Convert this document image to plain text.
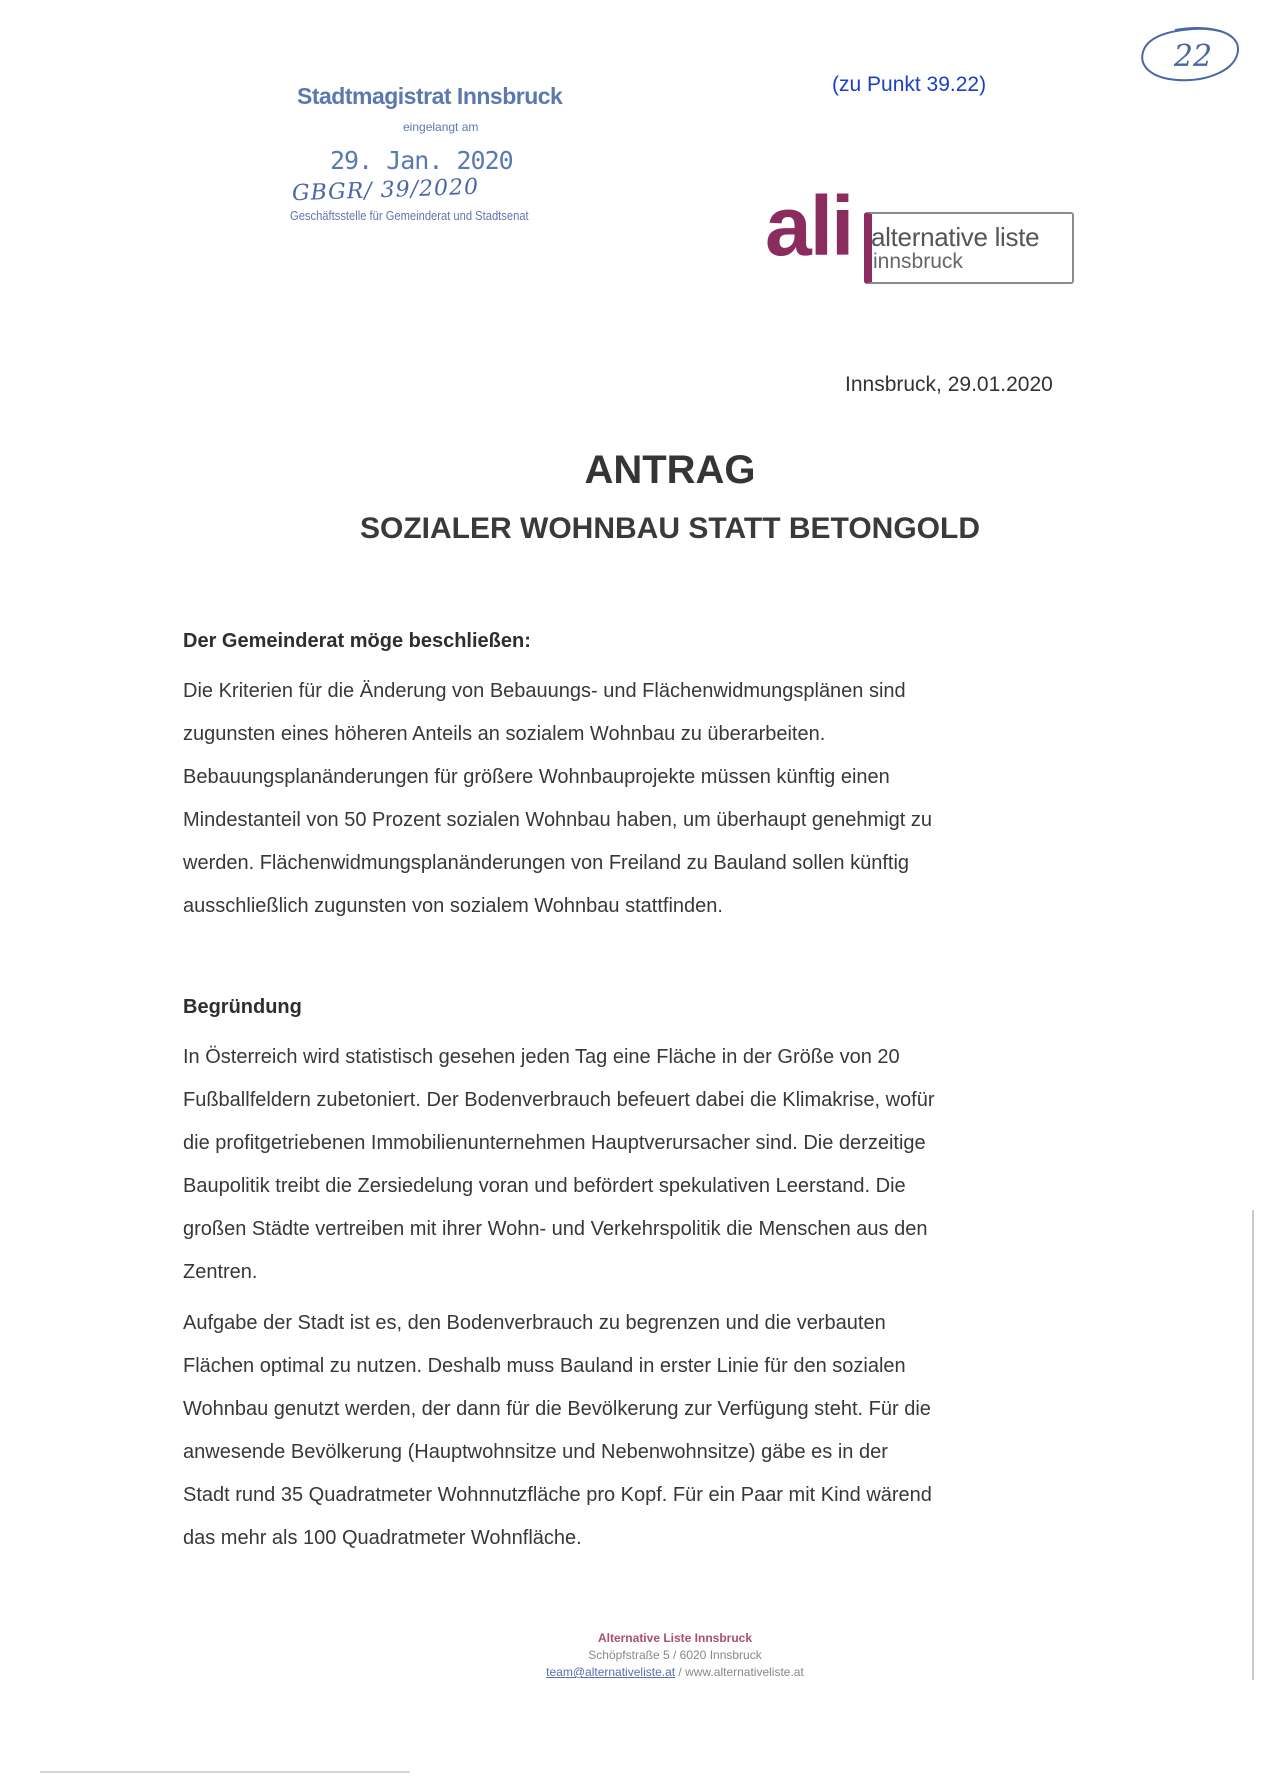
Stadtmagistrat Innsbruck
eingelangt am
29. Jan. 2020
GBGR/ 39/2020
Geschäftsstelle für Gemeinderat und Stadtsenat
(zu Punkt 39.22)
22
ali alternative liste
innsbruck
Innsbruck, 29.01.2020
ANTRAG
SOZIALER WOHNBAU STATT BETONGOLD
Der Gemeinderat möge beschließen:
Die Kriterien für die Änderung von Bebauungs- und Flächenwidmungsplänen sind
zugunsten eines höheren Anteils an sozialem Wohnbau zu überarbeiten.
Bebauungsplanänderungen für größere Wohnbauprojekte müssen künftig einen
Mindestanteil von 50 Prozent sozialen Wohnbau haben, um überhaupt genehmigt zu
werden. Flächenwidmungsplanänderungen von Freiland zu Bauland sollen künftig
ausschließlich zugunsten von sozialem Wohnbau stattfinden.
Begründung
In Österreich wird statistisch gesehen jeden Tag eine Fläche in der Größe von 20
Fußballfeldern zubetoniert. Der Bodenverbrauch befeuert dabei die Klimakrise, wofür
die profitgetriebenen Immobilienunternehmen Hauptverursacher sind. Die derzeitige
Baupolitik treibt die Zersiedelung voran und befördert spekulativen Leerstand. Die
großen Städte vertreiben mit ihrer Wohn- und Verkehrspolitik die Menschen aus den
Zentren.
Aufgabe der Stadt ist es, den Bodenverbrauch zu begrenzen und die verbauten
Flächen optimal zu nutzen. Deshalb muss Bauland in erster Linie für den sozialen
Wohnbau genutzt werden, der dann für die Bevölkerung zur Verfügung steht. Für die
anwesende Bevölkerung (Hauptwohnsitze und Nebenwohnsitze) gäbe es in der
Stadt rund 35 Quadratmeter Wohnnutzfläche pro Kopf. Für ein Paar mit Kind wärend
das mehr als 100 Quadratmeter Wohnfläche.
Alternative Liste Innsbruck
Schöpfstraße 5 / 6020 Innsbruck
team@alternativeliste.at / www.alternativeliste.at
